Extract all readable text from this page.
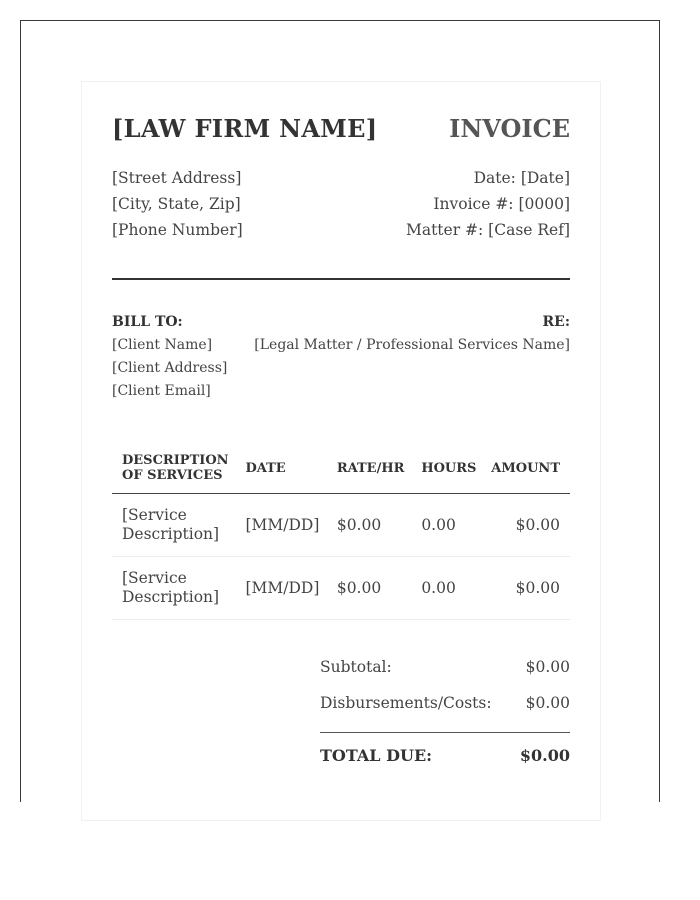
[LAW FIRM NAME]	INVOICE
[Street Address]
[City, State, Zip]
[Phone Number]
Date: [Date]
Invoice #: [0000]
Matter #: [Case Ref]
BILL TO:
[Client Name]
[Client Address]
[Client Email]
RE:
[Legal Matter / Professional Services Name]
DESCRIPTION
OF SERVICES	DATE	RATE/HR	HOURS	AMOUNT

[Service
Description]	[MM/DD]	$0.00	0.00	$0.00

[Service
Description]	[MM/DD]	$0.00	0.00	$0.00
Subtotal:	$0.00
Disbursements/Costs: $0.00
TOTAL DUE:	$0.00
